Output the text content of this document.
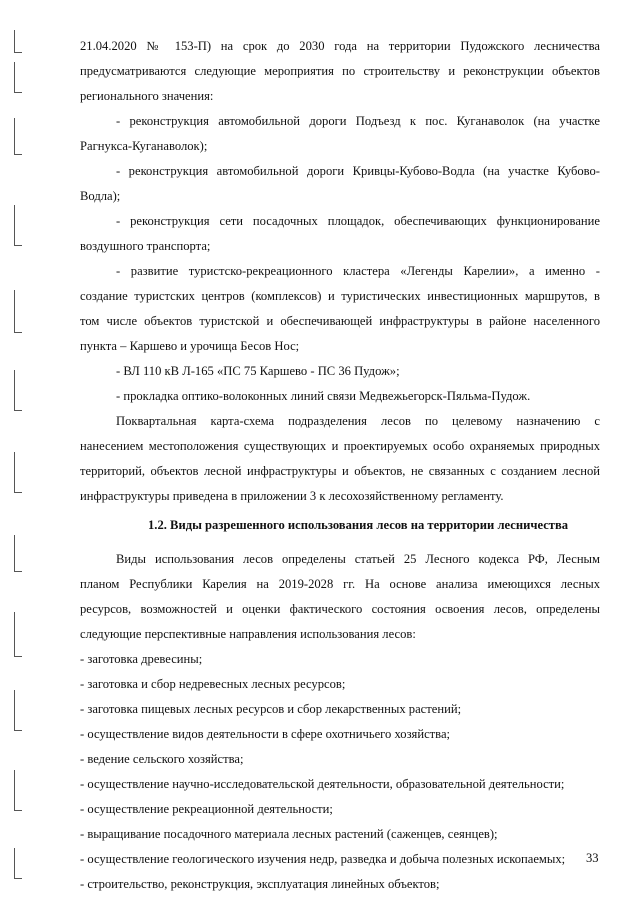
21.04.2020 № 153-П) на срок до 2030 года на территории Пудожского лесничества
предусматриваются следующие мероприятия по строительству и реконструкции объектов
регионального значения:
- реконструкция автомобильной дороги Подъезд к пос. Куганаволок (на участке
Рагнукса-Куганаволок);
- реконструкция автомобильной дороги Кривцы-Кубово-Водла (на участке Кубово-
Водла);
- реконструкция сети посадочных площадок, обеспечивающих функционирование
воздушного транспорта;
- развитие туристско-рекреационного кластера «Легенды Карелии», а именно -
создание туристских центров (комплексов) и туристических инвестиционных маршрутов, в
том числе объектов туристской и обеспечивающей инфраструктуры в районе населенного
пункта – Каршево и урочища Бесов Нос;
- ВЛ 110 кВ Л-165 «ПС 75 Каршево - ПС 36 Пудож»;
- прокладка оптико-волоконных линий связи Медвежьегорск-Пяльма-Пудож.
Поквартальная карта-схема подразделения лесов по целевому назначению с
нанесением местоположения существующих и проектируемых особо охраняемых природных
территорий, объектов лесной инфраструктуры и объектов, не связанных с созданием лесной
инфраструктуры приведена в приложении 3 к лесохозяйственному регламенту.
1.2. Виды разрешенного использования лесов на территории лесничества
Виды использования лесов определены статьей 25 Лесного кодекса РФ, Лесным
планом Республики Карелия на 2019-2028 гг. На основе анализа имеющихся лесных
ресурсов, возможностей и оценки фактического состояния освоения лесов, определены
следующие перспективные направления использования лесов:
- заготовка древесины;
- заготовка и сбор недревесных лесных ресурсов;
- заготовка пищевых лесных ресурсов и сбор лекарственных растений;
- осуществление видов деятельности в сфере охотничьего хозяйства;
- ведение сельского хозяйства;
- осуществление научно-исследовательской деятельности, образовательной деятельности;
- осуществление рекреационной деятельности;
- выращивание посадочного материала лесных растений (саженцев, сеянцев);
- осуществление геологического изучения недр, разведка и добыча полезных ископаемых;
- строительство, реконструкция, эксплуатация линейных объектов;
33
